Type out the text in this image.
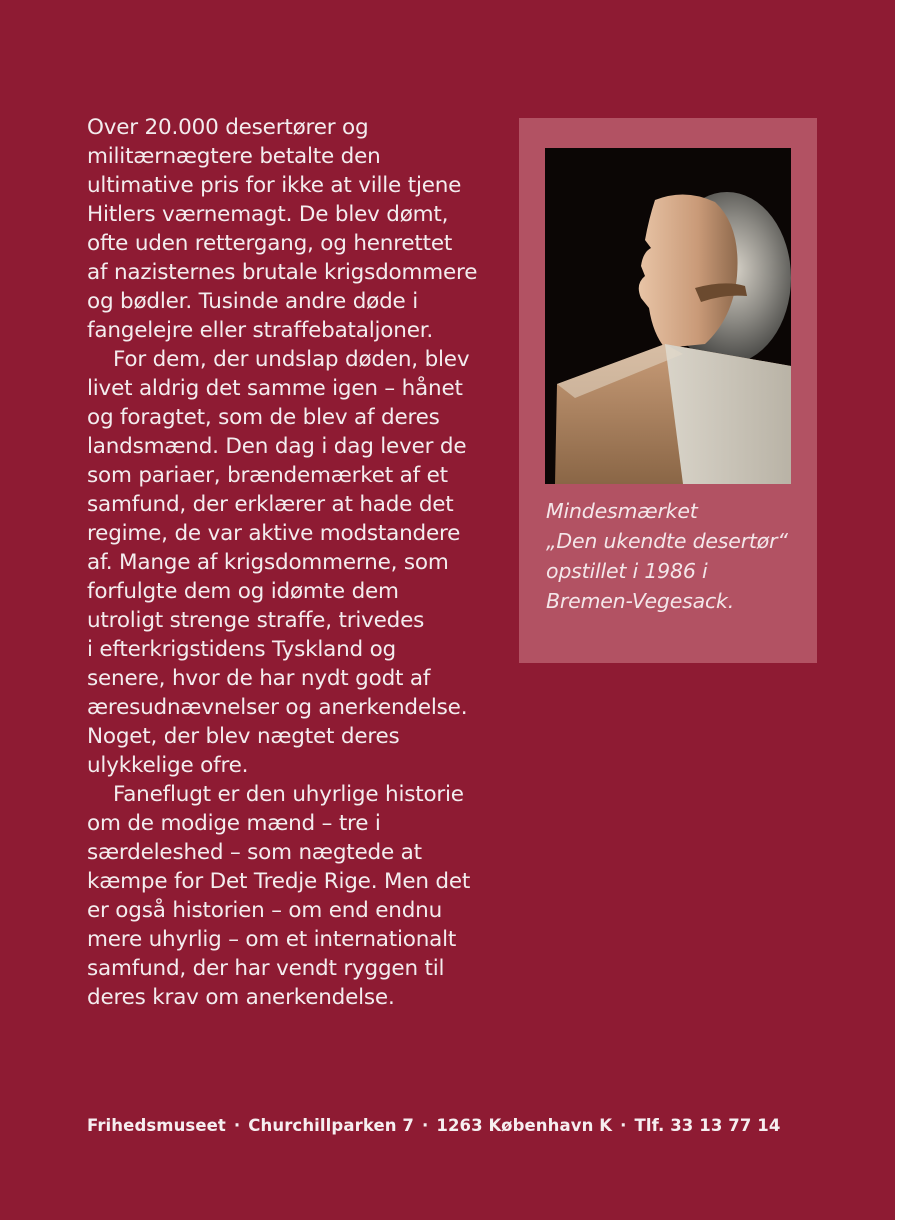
Over 20.000 desertører og
militærnægtere betalte den
ultimative pris for ikke at ville tjene
Hitlers værnemagt. De blev dømt,
ofte uden rettergang, og henrettet
af nazisternes brutale krigsdommere
og bødler. Tusinde andre døde i
fangelejre eller straffebataljoner.
For dem, der undslap døden, blev
livet aldrig det samme igen – hånet
og foragtet, som de blev af deres
landsmænd. Den dag i dag lever de
som pariaer, brændemærket af et
samfund, der erklærer at hade det
regime, de var aktive modstandere
af. Mange af krigsdommerne, som
forfulgte dem og idømte dem
utroligt strenge straffe, trivedes
i efterkrigstidens Tyskland og
senere, hvor de har nydt godt af
æresudnævnelser og anerkendelse.
Noget, der blev nægtet deres
ulykkelige ofre.
Faneflugt er den uhyrlige historie
om de modige mænd – tre i
særdeleshed – som nægtede at
kæmpe for Det Tredje Rige. Men det
er også historien – om end endnu
mere uhyrlig – om et internationalt
samfund, der har vendt ryggen til
deres krav om anerkendelse.
Mindesmærket
„Den ukendte desertør“
opstillet i 1986 i
Bremen-Vegesack.
Frihedsmuseet · Churchillparken 7 · 1263 København K · Tlf. 33 13 77 14
